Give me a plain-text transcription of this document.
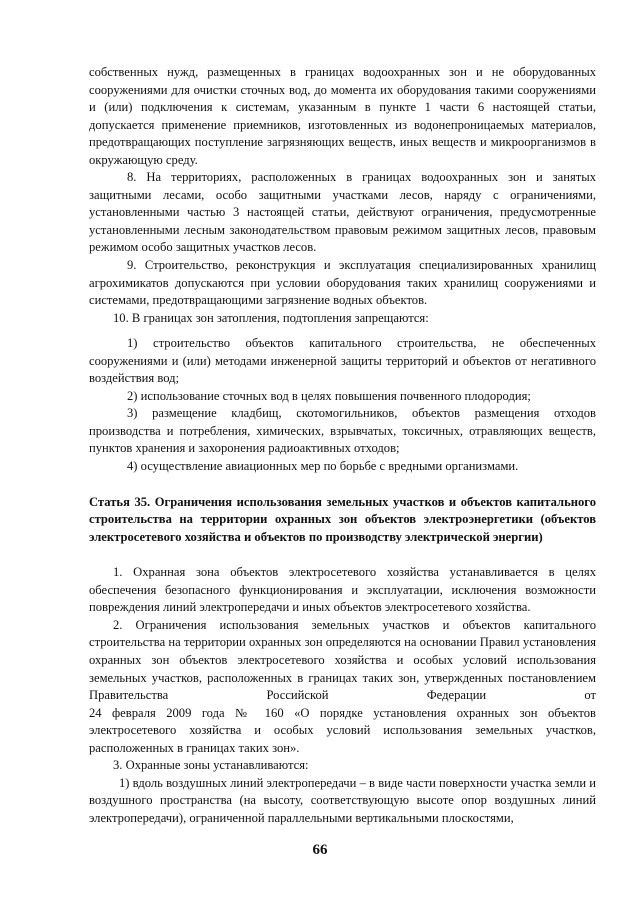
собственных нужд, размещенных в границах водоохранных зон и не оборудованных сооружениями для очистки сточных вод, до момента их оборудования такими сооружениями и (или) подключения к системам, указанным в пункте 1 части 6 настоящей статьи, допускается применение приемников, изготовленных из водонепроницаемых материалов, предотвращающих поступление загрязняющих веществ, иных веществ и микроорганизмов в окружающую среду.

8. На территориях, расположенных в границах водоохранных зон и занятых защитными лесами, особо защитными участками лесов, наряду с ограничениями, установленными частью 3 настоящей статьи, действуют ограничения, предусмотренные установленными лесным законодательством правовым режимом защитных лесов, правовым режимом особо защитных участков лесов.

9. Строительство, реконструкция и эксплуатация специализированных хранилищ агрохимикатов допускаются при условии оборудования таких хранилищ сооружениями и системами, предотвращающими загрязнение водных объектов.

10. В границах зон затопления, подтопления запрещаются:

1) строительство объектов капитального строительства, не обеспеченных сооружениями и (или) методами инженерной защиты территорий и объектов от негативного воздействия вод;

2) использование сточных вод в целях повышения почвенного плодородия;

3) размещение кладбищ, скотомогильников, объектов размещения отходов производства и потребления, химических, взрывчатых, токсичных, отравляющих веществ, пунктов хранения и захоронения радиоактивных отходов;

4) осуществление авиационных мер по борьбе с вредными организмами.

Статья 35. Ограничения использования земельных участков и объектов капитального строительства на территории охранных зон объектов электроэнергетики (объектов электросетевого хозяйства и объектов по производству электрической энергии)

1. Охранная зона объектов электросетевого хозяйства устанавливается в целях обеспечения безопасного функционирования и эксплуатации, исключения возможности повреждения линий электропередачи и иных объектов электросетевого хозяйства.

2. Ограничения использования земельных участков и объектов капитального строительства на территории охранных зон определяются на основании Правил установления охранных зон объектов электросетевого хозяйства и особых условий использования земельных участков, расположенных в границах таких зон, утвержденных постановлением Правительства Российской Федерации от

24 февраля 2009 года № 160 «О порядке установления охранных зон объектов электросетевого хозяйства и особых условий использования земельных участков, расположенных в границах таких зон».

3. Охранные зоны устанавливаются:

1) вдоль воздушных линий электропередачи – в виде части поверхности участка земли и воздушного пространства (на высоту, соответствующую высоте опор воздушных линий электропередачи), ограниченной параллельными вертикальными плоскостями,

66
